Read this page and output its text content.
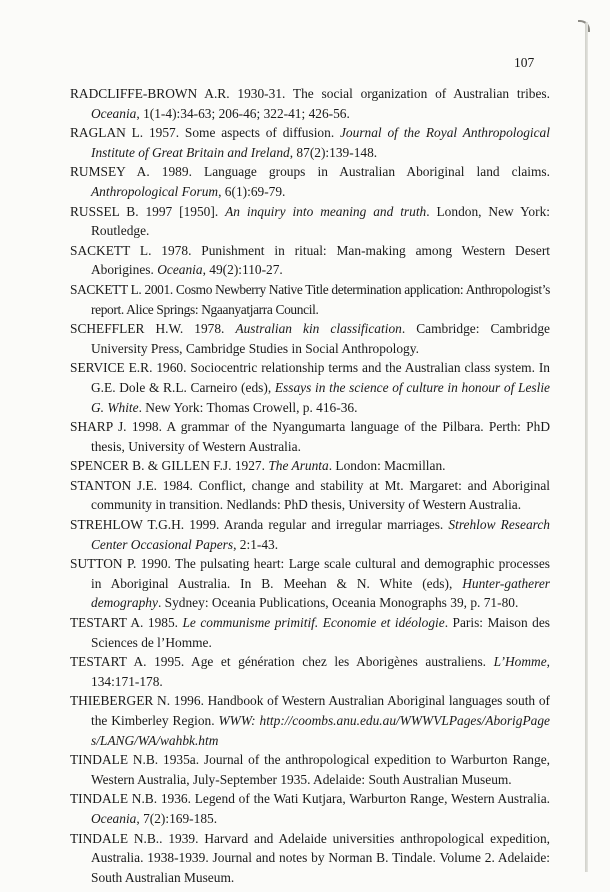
107
RADCLIFFE-BROWN A.R. 1930-31. The social organization of Australian tribes. Oceania, 1(1-4):34-63; 206-46; 322-41; 426-56.
RAGLAN L. 1957. Some aspects of diffusion. Journal of the Royal Anthropological Institute of Great Britain and Ireland, 87(2):139-148.
RUMSEY A. 1989. Language groups in Australian Aboriginal land claims. Anthropological Forum, 6(1):69-79.
RUSSEL B. 1997 [1950]. An inquiry into meaning and truth. London, New York: Routledge.
SACKETT L. 1978. Punishment in ritual: Man-making among Western Desert Aborigines. Oceania, 49(2):110-27.
SACKETT L. 2001. Cosmo Newberry Native Title determination application: Anthropologist’s report. Alice Springs: Ngaanyatjarra Council.
SCHEFFLER H.W. 1978. Australian kin classification. Cambridge: Cambridge University Press, Cambridge Studies in Social Anthropology.
SERVICE E.R. 1960. Sociocentric relationship terms and the Australian class system. In G.E. Dole & R.L. Carneiro (eds), Essays in the science of culture in honour of Leslie G. White. New York: Thomas Crowell, p. 416-36.
SHARP J. 1998. A grammar of the Nyangumarta language of the Pilbara. Perth: PhD thesis, University of Western Australia.
SPENCER B. & GILLEN F.J. 1927. The Arunta. London: Macmillan.
STANTON J.E. 1984. Conflict, change and stability at Mt. Margaret: and Aboriginal community in transition. Nedlands: PhD thesis, University of Western Australia.
STREHLOW T.G.H. 1999. Aranda regular and irregular marriages. Strehlow Research Center Occasional Papers, 2:1-43.
SUTTON P. 1990. The pulsating heart: Large scale cultural and demographic processes in Aboriginal Australia. In B. Meehan & N. White (eds), Hunter-gatherer demography. Sydney: Oceania Publications, Oceania Monographs 39, p. 71-80.
TESTART A. 1985. Le communisme primitif. Economie et idéologie. Paris: Maison des Sciences de l’Homme.
TESTART A. 1995. Age et génération chez les Aborigènes australiens. L’Homme, 134:171-178.
THIEBERGER N. 1996. Handbook of Western Australian Aboriginal languages south of the Kimberley Region. WWW: http://coombs.anu.edu.au/WWWVLPages/AborigPages/LANG/WA/wahbk.htm
TINDALE N.B. 1935a. Journal of the anthropological expedition to Warburton Range, Western Australia, July-September 1935. Adelaide: South Australian Museum.
TINDALE N.B. 1936. Legend of the Wati Kutjara, Warburton Range, Western Australia. Oceania, 7(2):169-185.
TINDALE N.B.. 1939. Harvard and Adelaide universities anthropological expedition, Australia. 1938-1939. Journal and notes by Norman B. Tindale. Volume 2. Adelaide: South Australian Museum.
